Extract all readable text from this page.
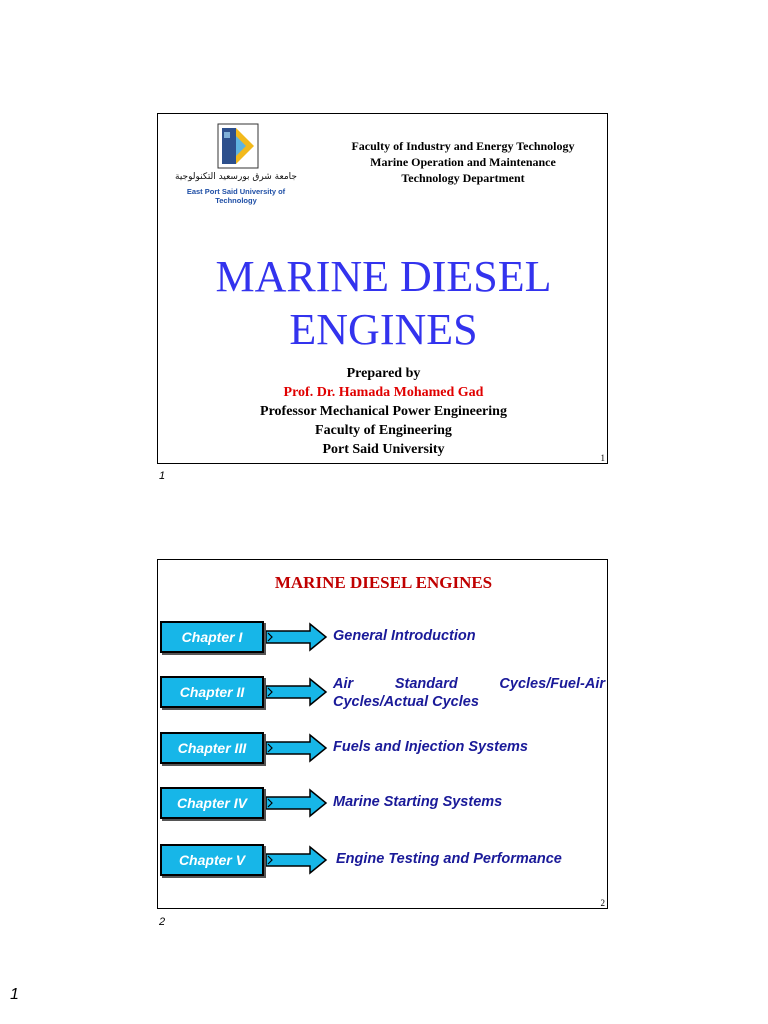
جامعة شرق بورسعيد التكنولوجية
East Port Said University of Technology
Faculty of Industry and Energy Technology
Marine Operation and Maintenance
Technology Department
MARINE DIESEL
ENGINES
Prepared by
Prof. Dr. Hamada Mohamed Gad
Professor Mechanical Power Engineering
Faculty of Engineering
Port Said University
1
1
MARINE DIESEL ENGINES
Chapter I	General Introduction
Chapter II	Air Standard Cycles/Fuel-Air Cycles/Actual Cycles
Chapter III	Fuels and Injection Systems
Chapter IV	Marine Starting Systems
Chapter V	Engine Testing and Performance
2
2
1
